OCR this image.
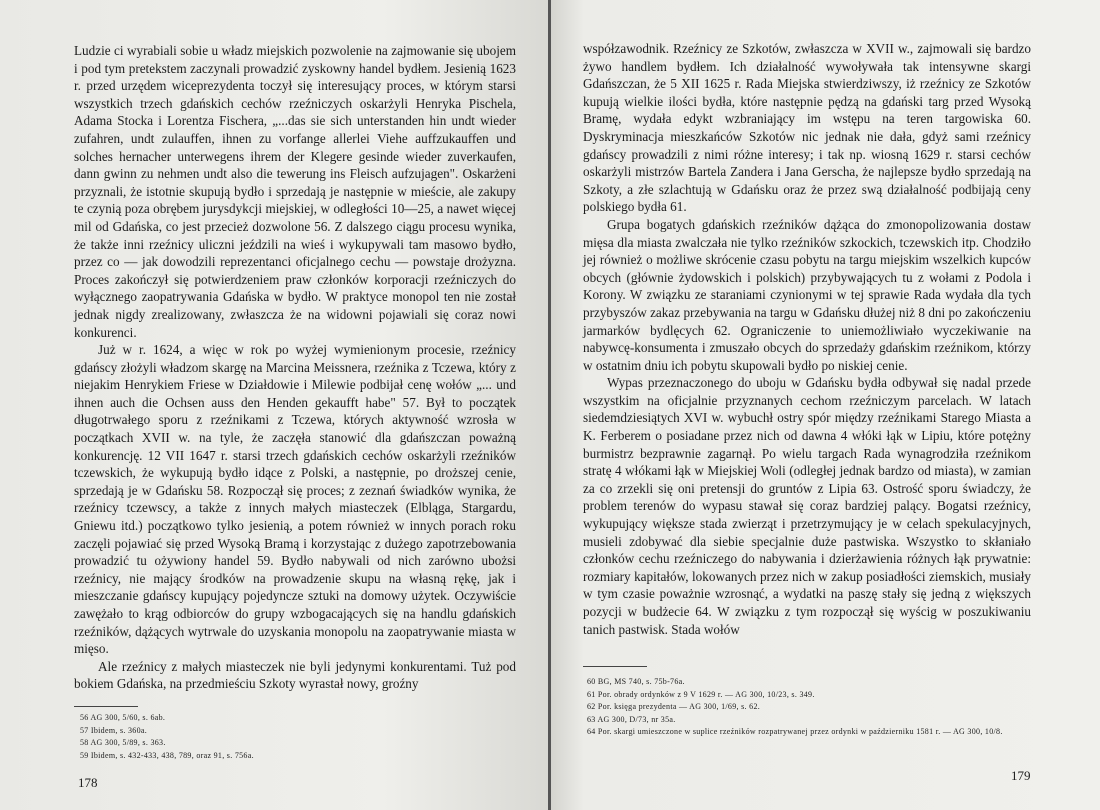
Ludzie ci wyrabiali sobie u władz miejskich pozwolenie na zajmowanie się ubojem i pod tym pretekstem zaczynali prowadzić zyskowny handel bydłem. Jesienią 1623 r. przed urzędem wiceprezydenta toczył się interesujący proces, w którym starsi wszystkich trzech gdańskich cechów rzeźniczych oskarżyli Henryka Pischela, Adama Stocka i Lorentza Fischera, „...das sie sich unterstanden hin undt wieder zufahren, undt zulauffen, ihnen zu vorfange allerlei Viehe auffzukauffen und solches hernacher unterwegens ihrem der Klegere gesinde wieder zuverkaufen, dann gwinn zu nehmen undt also die tewerung ins Fleisch aufzujagen". Oskarżeni przyznali, że istotnie skupują bydło i sprzedają je następnie w mieście, ale zakupy te czynią poza obrębem jurysdykcji miejskiej, w odległości 10—25, a nawet więcej mil od Gdańska, co jest przecież dozwolone 56. Z dalszego ciągu procesu wynika, że także inni rzeźnicy uliczni jeździli na wieś i wykupywali tam masowo bydło, przez co — jak dowodzili reprezentanci oficjalnego cechu — powstaje drożyzna. Proces zakończył się potwierdzeniem praw członków korporacji rzeźniczych do wyłącznego zaopatrywania Gdańska w bydło. W praktyce monopol ten nie został jednak nigdy zrealizowany, zwłaszcza że na widowni pojawiali się coraz nowi konkurenci.

Już w r. 1624, a więc w rok po wyżej wymienionym procesie, rzeźnicy gdańscy złożyli władzom skargę na Marcina Meissnera, rzeźnika z Tczewa, który z niejakim Henrykiem Friese w Działdowie i Milewie podbijał cenę wołów „... und ihnen auch die Ochsen auss den Henden gekaufft habe" 57. Był to początek długotrwałego sporu z rzeźnikami z Tczewa, których aktywność wzrosła w początkach XVII w. na tyle, że zaczęła stanowić dla gdańszczan poważną konkurencję. 12 VII 1647 r. starsi trzech gdańskich cechów oskarżyli rzeźników tczewskich, że wykupują bydło idące z Polski, a następnie, po droższej cenie, sprzedają je w Gdańsku 58. Rozpoczął się proces; z zeznań świadków wynika, że rzeźnicy tczewscy, a także z innych małych miasteczek (Elbląga, Stargardu, Gniewu itd.) początkowo tylko jesienią, a potem również w innych porach roku zaczęli pojawiać się przed Wysoką Bramą i korzystając z dużego zapotrzebowania prowadzić tu ożywiony handel 59. Bydło nabywali od nich zarówno ubożsi rzeźnicy, nie mający środków na prowadzenie skupu na własną rękę, jak i mieszczanie gdańscy kupujący pojedyncze sztuki na domowy użytek. Oczywiście zawężało to krąg odbiorców do grupy wzbogacających się na handlu gdańskich rzeźników, dążących wytrwale do uzyskania monopolu na zaopatrywanie miasta w mięso.

Ale rzeźnicy z małych miasteczek nie byli jedynymi konkurentami. Tuż pod bokiem Gdańska, na przedmieściu Szkoty wyrastał nowy, groźny

56 AG 300, 5/60, s. 6ab.
57 Ibidem, s. 360a.
58 AG 300, 5/89, s. 363.
59 Ibidem, s. 432-433, 438, 789, oraz 91, s. 756a.
178

współzawodnik. Rzeźnicy ze Szkotów, zwłaszcza w XVII w., zajmowali się bardzo żywo handlem bydłem. Ich działalność wywoływała tak intensywne skargi Gdańszczan, że 5 XII 1625 r. Rada Miejska stwierdziwszy, iż rzeźnicy ze Szkotów kupują wielkie ilości bydła, które następnie pędzą na gdański targ przed Wysoką Bramę, wydała edykt wzbraniający im wstępu na teren targowiska 60. Dyskryminacja mieszkańców Szkotów nic jednak nie dała, gdyż sami rzeźnicy gdańscy prowadzili z nimi różne interesy; i tak np. wiosną 1629 r. starsi cechów oskarżyli mistrzów Bartela Zandera i Jana Gerscha, że najlepsze bydło sprzedają na Szkoty, a złe szlachtują w Gdańsku oraz że przez swą działalność podbijają ceny polskiego bydła 61.

Grupa bogatych gdańskich rzeźników dążąca do zmonopolizowania dostaw mięsa dla miasta zwalczała nie tylko rzeźników szkockich, tczewskich itp. Chodziło jej również o możliwe skrócenie czasu pobytu na targu miejskim wszelkich kupców obcych (głównie żydowskich i polskich) przybywających tu z wołami z Podola i Korony. W związku ze staraniami czynionymi w tej sprawie Rada wydała dla tych przybyszów zakaz przebywania na targu w Gdańsku dłużej niż 8 dni po zakończeniu jarmarków bydlęcych 62. Ograniczenie to uniemożliwiało wyczekiwanie na nabywcę-konsumenta i zmuszało obcych do sprzedaży gdańskim rzeźnikom, którzy w ostatnim dniu ich pobytu skupowali bydło po niskiej cenie.

Wypas przeznaczonego do uboju w Gdańsku bydła odbywał się nadal przede wszystkim na oficjalnie przyznanych cechom rzeźniczym parcelach. W latach siedemdziesiątych XVI w. wybuchł ostry spór między rzeźnikami Starego Miasta a K. Ferberem o posiadane przez nich od dawna 4 włóki łąk w Lipiu, które potężny burmistrz bezprawnie zagarnął. Po wielu targach Rada wynagrodziła rzeźnikom stratę 4 włókami łąk w Miejskiej Woli (odległej jednak bardzo od miasta), w zamian za co zrzekli się oni pretensji do gruntów z Lipia 63. Ostrość sporu świadczy, że problem terenów do wypasu stawał się coraz bardziej palący. Bogatsi rzeźnicy, wykupujący większe stada zwierząt i przetrzymujący je w celach spekulacyjnych, musieli zdobywać dla siebie specjalnie duże pastwiska. Wszystko to skłaniało członków cechu rzeźniczego do nabywania i dzierżawienia różnych łąk prywatnie: rozmiary kapitałów, lokowanych przez nich w zakup posiadłości ziemskich, musiały w tym czasie poważnie wzrosnąć, a wydatki na paszę stały się jedną z większych pozycji w budżecie 64. W związku z tym rozpoczął się wyścig w poszukiwaniu tanich pastwisk. Stada wołów

60 BG, MS 740, s. 75b-76a.
61 Por. obrady ordynków z 9 V 1629 r. — AG 300, 10/23, s. 349.
62 Por. księga prezydenta — AG 300, 1/69, s. 62.
63 AG 300, D/73, nr 35a.
64 Por. skargi umieszczone w suplice rzeźników rozpatrywanej przez ordynki w październiku 1581 r. — AG 300, 10/8.
179
